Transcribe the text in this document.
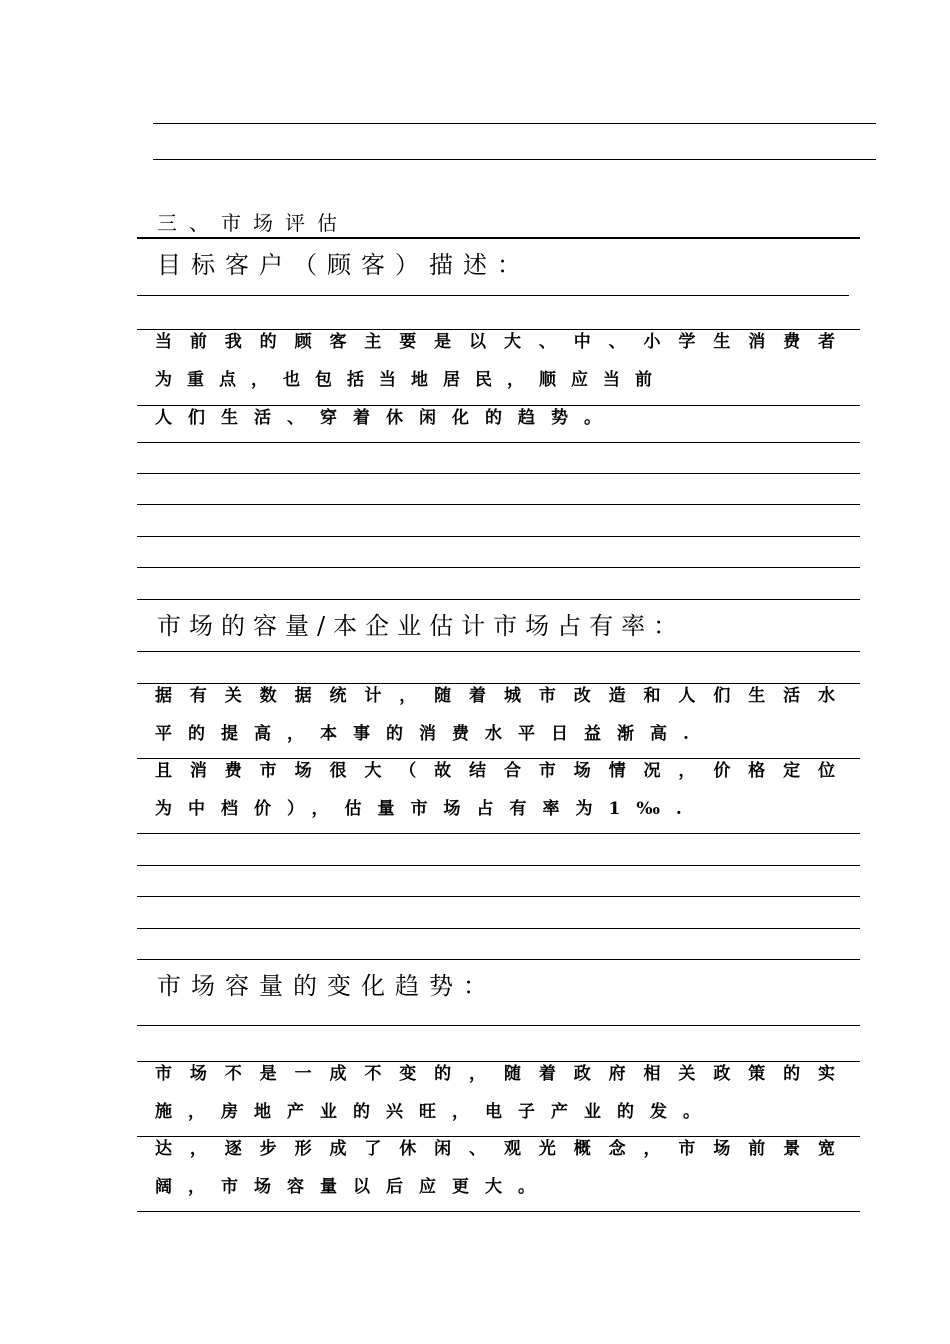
三、市场评估
目标客户（顾客）描述：
当前我的顾客主要是以大、中、小学生消费者
为重点，也包括当地居民，顺应当前
人们生活、穿着休闲化的趋势。
市场的容量/本企业估计市场占有率：
据有关数据统计，随着城市改造和人们生活水
平的提高，本事的消费水平日益渐高.
且消费市场很大（故结合市场情况，价格定位
为中档价），估量市场占有率为1‰.
市场容量的变化趋势：
市场不是一成不变的，随着政府相关政策的实
施，房地产业的兴旺，电子产业的发。
达，逐步形成了休闲、观光概念，市场前景宽
阔，市场容量以后应更大。
